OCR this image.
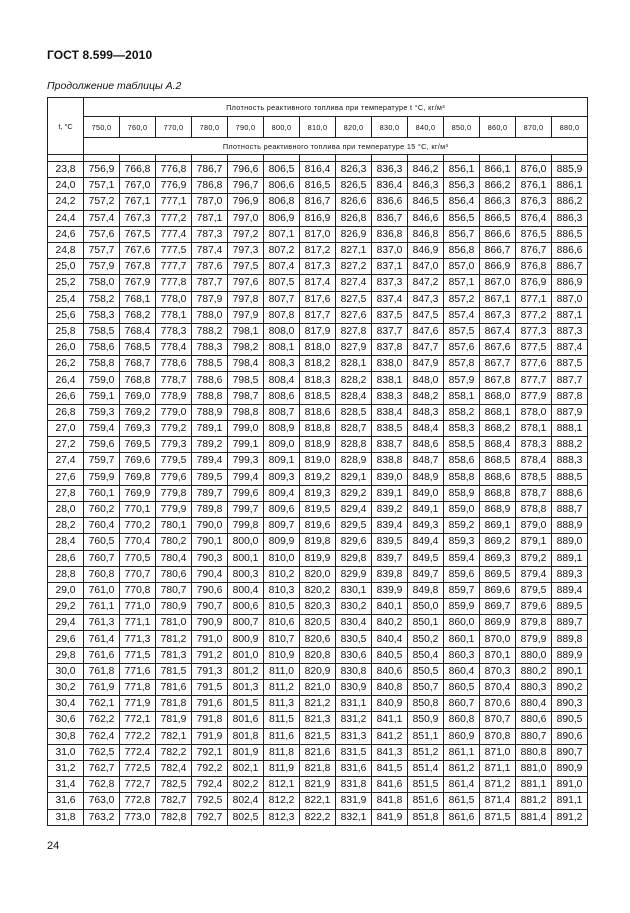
ГОСТ 8.599—2010
Продолжение таблицы А.2
t, °C	Плотность реактивного топлива при температуре t °C, кг/м³													
	750,0	760,0	770,0	780,0	790,0	800,0	810,0	820,0	830,0	840,0	850,0	860,0	870,0	880,0
	Плотность реактивного топлива при температуре 15 °C, кг/м³													

23,8	756,9	766,8	776,8	786,7	796,6	806,5	816,4	826,3	836,3	846,2	856,1	866,1	876,0	885,9
24,0	757,1	767,0	776,9	786,8	796,7	806,6	816,5	826,5	836,4	846,3	856,3	866,2	876,1	886,1
24,2	757,2	767,1	777,1	787,0	796,9	806,8	816,7	826,6	836,6	846,5	856,4	866,3	876,3	886,2
24,4	757,4	767,3	777,2	787,1	797,0	806,9	816,9	826,8	836,7	846,6	856,5	866,5	876,4	886,3
24,6	757,6	767,5	777,4	787,3	797,2	807,1	817,0	826,9	836,8	846,8	856,7	866,6	876,5	886,5
24,8	757,7	767,6	777,5	787,4	797,3	807,2	817,2	827,1	837,0	846,9	856,8	866,7	876,7	886,6
25,0	757,9	767,8	777,7	787,6	797,5	807,4	817,3	827,2	837,1	847,0	857,0	866,9	876,8	886,7
25,2	758,0	767,9	777,8	787,7	797,6	807,5	817,4	827,4	837,3	847,2	857,1	867,0	876,9	886,9
25,4	758,2	768,1	778,0	787,9	797,8	807,7	817,6	827,5	837,4	847,3	857,2	867,1	877,1	887,0
25,6	758,3	768,2	778,1	788,0	797,9	807,8	817,7	827,6	837,5	847,5	857,4	867,3	877,2	887,1
25,8	758,5	768,4	778,3	788,2	798,1	808,0	817,9	827,8	837,7	847,6	857,5	867,4	877,3	887,3
26,0	758,6	768,5	778,4	788,3	798,2	808,1	818,0	827,9	837,8	847,7	857,6	867,6	877,5	887,4
26,2	758,8	768,7	778,6	788,5	798,4	808,3	818,2	828,1	838,0	847,9	857,8	867,7	877,6	887,5
26,4	759,0	768,8	778,7	788,6	798,5	808,4	818,3	828,2	838,1	848,0	857,9	867,8	877,7	887,7
26,6	759,1	769,0	778,9	788,8	798,7	808,6	818,5	828,4	838,3	848,2	858,1	868,0	877,9	887,8
26,8	759,3	769,2	779,0	788,9	798,8	808,7	818,6	828,5	838,4	848,3	858,2	868,1	878,0	887,9
27,0	759,4	769,3	779,2	789,1	799,0	808,9	818,8	828,7	838,5	848,4	858,3	868,2	878,1	888,1
27,2	759,6	769,5	779,3	789,2	799,1	809,0	818,9	828,8	838,7	848,6	858,5	868,4	878,3	888,2
27,4	759,7	769,6	779,5	789,4	799,3	809,1	819,0	828,9	838,8	848,7	858,6	868,5	878,4	888,3
27,6	759,9	769,8	779,6	789,5	799,4	809,3	819,2	829,1	839,0	848,9	858,8	868,6	878,5	888,5
27,8	760,1	769,9	779,8	789,7	799,6	809,4	819,3	829,2	839,1	849,0	858,9	868,8	878,7	888,6
28,0	760,2	770,1	779,9	789,8	799,7	809,6	819,5	829,4	839,2	849,1	859,0	868,9	878,8	888,7
28,2	760,4	770,2	780,1	790,0	799,8	809,7	819,6	829,5	839,4	849,3	859,2	869,1	879,0	888,9
28,4	760,5	770,4	780,2	790,1	800,0	809,9	819,8	829,6	839,5	849,4	859,3	869,2	879,1	889,0
28,6	760,7	770,5	780,4	790,3	800,1	810,0	819,9	829,8	839,7	849,5	859,4	869,3	879,2	889,1
28,8	760,8	770,7	780,6	790,4	800,3	810,2	820,0	829,9	839,8	849,7	859,6	869,5	879,4	889,3
29,0	761,0	770,8	780,7	790,6	800,4	810,3	820,2	830,1	839,9	849,8	859,7	869,6	879,5	889,4
29,2	761,1	771,0	780,9	790,7	800,6	810,5	820,3	830,2	840,1	850,0	859,9	869,7	879,6	889,5
29,4	761,3	771,1	781,0	790,9	800,7	810,6	820,5	830,4	840,2	850,1	860,0	869,9	879,8	889,7
29,6	761,4	771,3	781,2	791,0	800,9	810,7	820,6	830,5	840,4	850,2	860,1	870,0	879,9	889,8
29,8	761,6	771,5	781,3	791,2	801,0	810,9	820,8	830,6	840,5	850,4	860,3	870,1	880,0	889,9
30,0	761,8	771,6	781,5	791,3	801,2	811,0	820,9	830,8	840,6	850,5	860,4	870,3	880,2	890,1
30,2	761,9	771,8	781,6	791,5	801,3	811,2	821,0	830,9	840,8	850,7	860,5	870,4	880,3	890,2
30,4	762,1	771,9	781,8	791,6	801,5	811,3	821,2	831,1	840,9	850,8	860,7	870,6	880,4	890,3
30,6	762,2	772,1	781,9	791,8	801,6	811,5	821,3	831,2	841,1	850,9	860,8	870,7	880,6	890,5
30,8	762,4	772,2	782,1	791,9	801,8	811,6	821,5	831,3	841,2	851,1	860,9	870,8	880,7	890,6
31,0	762,5	772,4	782,2	792,1	801,9	811,8	821,6	831,5	841,3	851,2	861,1	871,0	880,8	890,7
31,2	762,7	772,5	782,4	792,2	802,1	811,9	821,8	831,6	841,5	851,4	861,2	871,1	881,0	890,9
31,4	762,8	772,7	782,5	792,4	802,2	812,1	821,9	831,8	841,6	851,5	861,4	871,2	881,1	891,0
31,6	763,0	772,8	782,7	792,5	802,4	812,2	822,1	831,9	841,8	851,6	861,5	871,4	881,2	891,1
31,8	763,2	773,0	782,8	792,7	802,5	812,3	822,2	832,1	841,9	851,8	861,6	871,5	881,4	891,2
24
